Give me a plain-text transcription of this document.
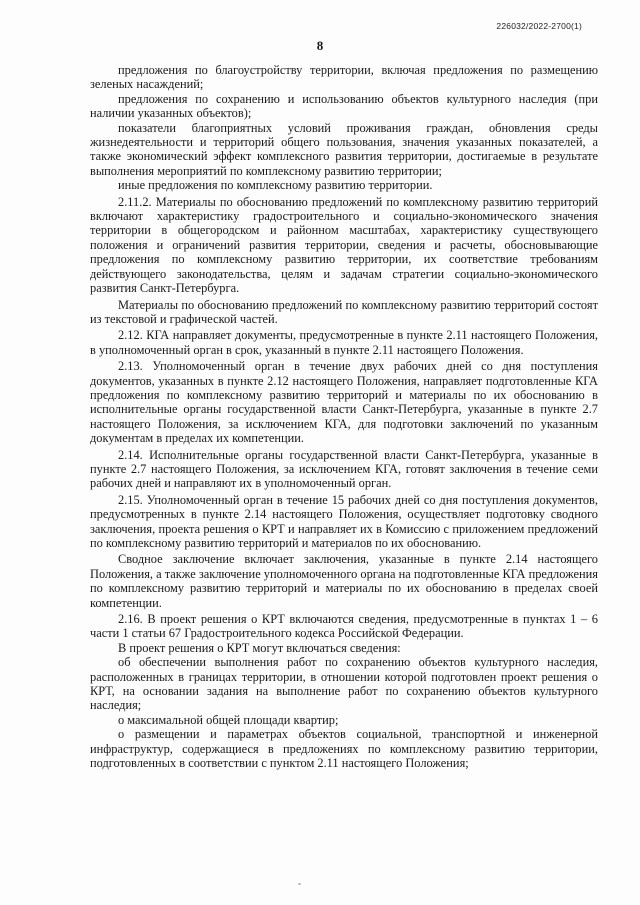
226032/2022-2700(1)
8

предложения по благоустройству территории, включая предложения по размещению зеленых насаждений;

предложения по сохранению и использованию объектов культурного наследия (при наличии указанных объектов);

показатели благоприятных условий проживания граждан, обновления среды жизнедеятельности и территорий общего пользования, значения указанных показателей, а также экономический эффект комплексного развития территории, достигаемые в результате выполнения мероприятий по комплексному развитию территории;

иные предложения по комплексному развитию территории.

2.11.2. Материалы по обоснованию предложений по комплексному развитию территорий включают характеристику градостроительного и социально-экономического значения территории в общегородском и районном масштабах, характеристику существующего положения и ограничений развития территории, сведения и расчеты, обосновывающие предложения по комплексному развитию территории, их соответствие требованиям действующего законодательства, целям и задачам стратегии социально-экономического развития Санкт-Петербурга.

Материалы по обоснованию предложений по комплексному развитию территорий состоят из текстовой и графической частей.

2.12. КГА направляет документы, предусмотренные в пункте 2.11 настоящего Положения, в уполномоченный орган в срок, указанный в пункте 2.11 настоящего Положения.

2.13. Уполномоченный орган в течение двух рабочих дней со дня поступления документов, указанных в пункте 2.12 настоящего Положения, направляет подготовленные КГА предложения по комплексному развитию территорий и материалы по их обоснованию в исполнительные органы государственной власти Санкт-Петербурга, указанные в пункте 2.7 настоящего Положения, за исключением КГА, для подготовки заключений по указанным документам в пределах их компетенции.

2.14. Исполнительные органы государственной власти Санкт-Петербурга, указанные в пункте 2.7 настоящего Положения, за исключением КГА, готовят заключения в течение семи рабочих дней и направляют их в уполномоченный орган.

2.15. Уполномоченный орган в течение 15 рабочих дней со дня поступления документов, предусмотренных в пункте 2.14 настоящего Положения, осуществляет подготовку сводного заключения, проекта решения о КРТ и направляет их в Комиссию с приложением предложений по комплексному развитию территорий и материалов по их обоснованию.

Сводное заключение включает заключения, указанные в пункте 2.14 настоящего Положения, а также заключение уполномоченного органа на подготовленные КГА предложения по комплексному развитию территорий и материалы по их обоснованию в пределах своей компетенции.

2.16. В проект решения о КРТ включаются сведения, предусмотренные в пунктах 1 – 6 части 1 статьи 67 Градостроительного кодекса Российской Федерации.

В проект решения о КРТ могут включаться сведения:

об обеспечении выполнения работ по сохранению объектов культурного наследия, расположенных в границах территории, в отношении которой подготовлен проект решения о КРТ, на основании задания на выполнение работ по сохранению объектов культурного наследия;

о максимальной общей площади квартир;

о размещении и параметрах объектов социальной, транспортной и инженерной инфраструктур, содержащиеся в предложениях по комплексному развитию территории, подготовленных в соответствии с пунктом 2.11 настоящего Положения;
